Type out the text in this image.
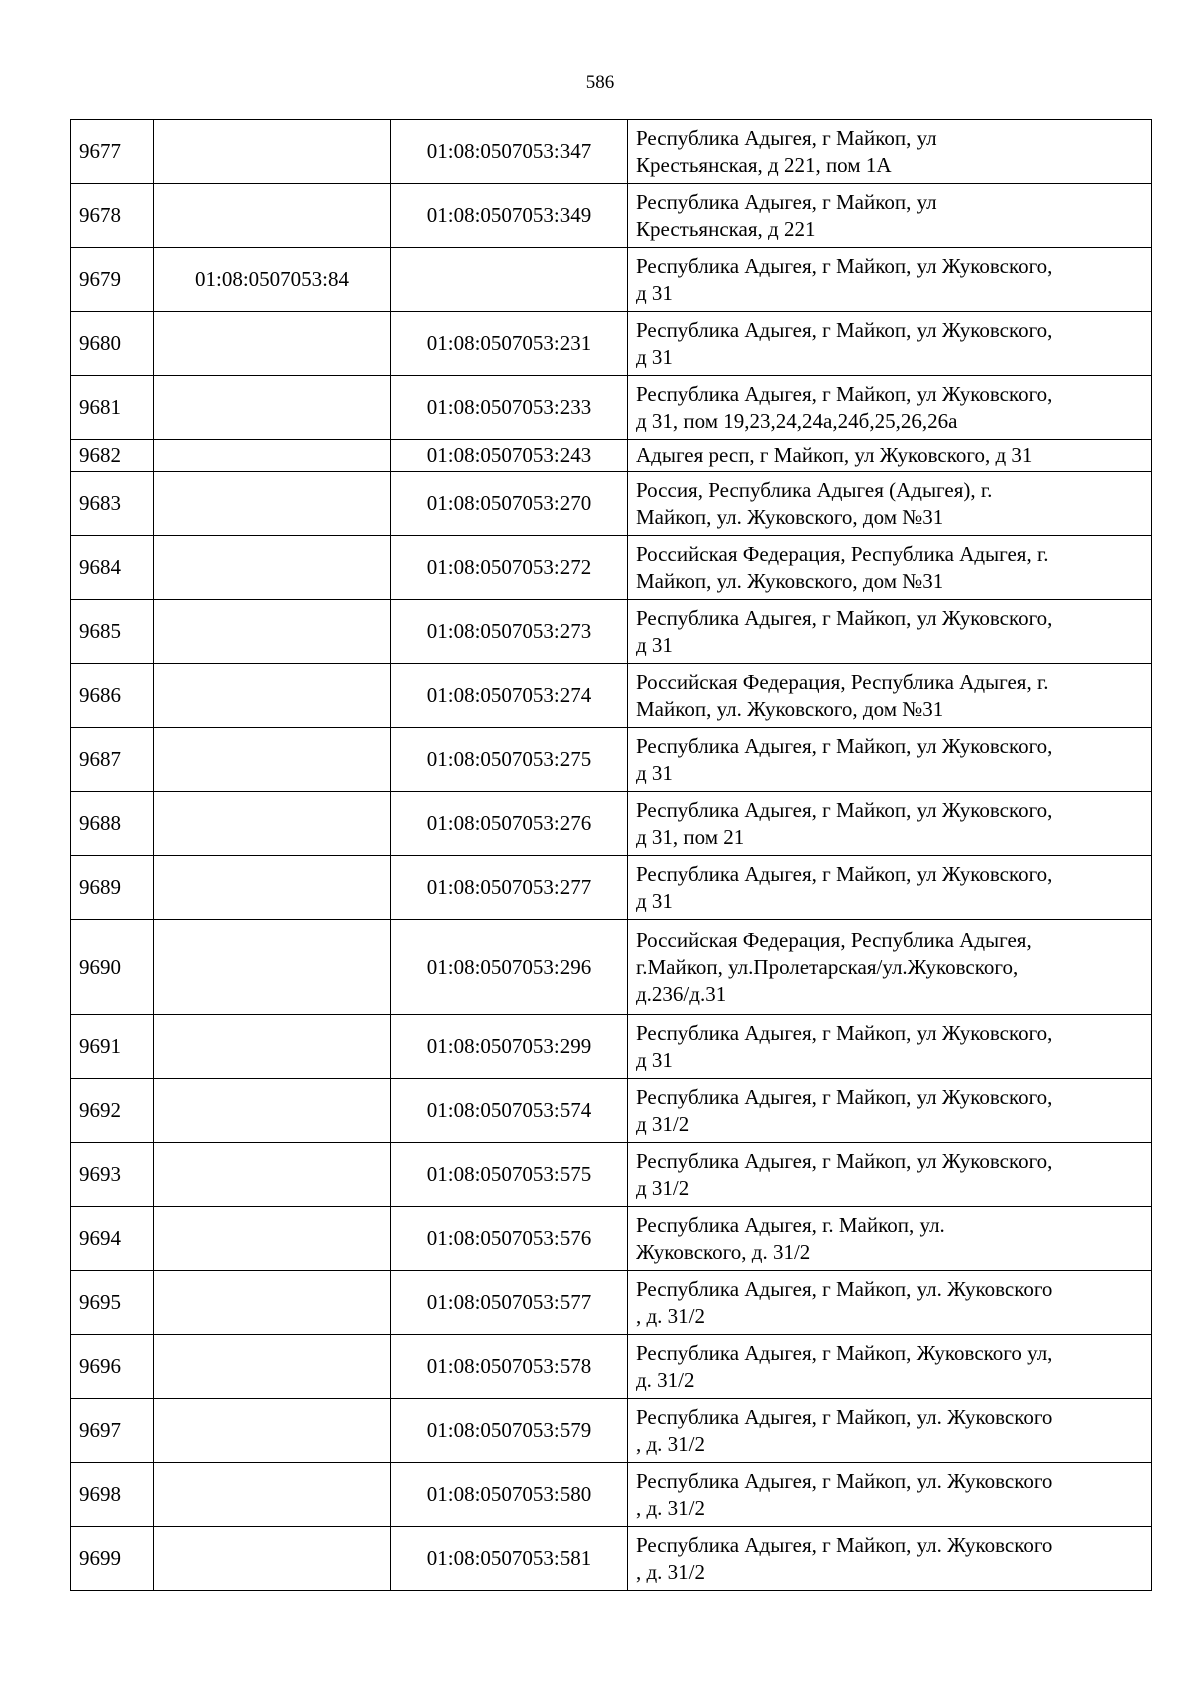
586
9677		01:08:0507053:347	Республика Адыгея, г Майкоп, ул
Крестьянская, д 221, пом 1А
9678		01:08:0507053:349	Республика Адыгея, г Майкоп, ул
Крестьянская, д 221
9679	01:08:0507053:84		Республика Адыгея, г Майкоп, ул Жуковского,
д 31
9680		01:08:0507053:231	Республика Адыгея, г Майкоп, ул Жуковского,
д 31
9681		01:08:0507053:233	Республика Адыгея, г Майкоп, ул Жуковского,
д 31, пом 19,23,24,24а,24б,25,26,26а
9682		01:08:0507053:243	Адыгея респ, г Майкоп, ул Жуковского, д 31
9683		01:08:0507053:270	Россия, Республика Адыгея (Адыгея), г.
Майкоп, ул. Жуковского, дом №31
9684		01:08:0507053:272	Российская Федерация, Республика Адыгея, г.
Майкоп, ул. Жуковского, дом №31
9685		01:08:0507053:273	Республика Адыгея, г Майкоп, ул Жуковского,
д 31
9686		01:08:0507053:274	Российская Федерация, Республика Адыгея, г.
Майкоп, ул. Жуковского, дом №31
9687		01:08:0507053:275	Республика Адыгея, г Майкоп, ул Жуковского,
д 31
9688		01:08:0507053:276	Республика Адыгея, г Майкоп, ул Жуковского,
д 31, пом 21
9689		01:08:0507053:277	Республика Адыгея, г Майкоп, ул Жуковского,
д 31
9690		01:08:0507053:296	Российская Федерация, Республика Адыгея,
г.Майкоп, ул.Пролетарская/ул.Жуковского,
д.236/д.31
9691		01:08:0507053:299	Республика Адыгея, г Майкоп, ул Жуковского,
д 31
9692		01:08:0507053:574	Республика Адыгея, г Майкоп, ул Жуковского,
д 31/2
9693		01:08:0507053:575	Республика Адыгея, г Майкоп, ул Жуковского,
д 31/2
9694		01:08:0507053:576	Республика Адыгея, г. Майкоп, ул.
Жуковского, д. 31/2
9695		01:08:0507053:577	Республика Адыгея, г Майкоп, ул. Жуковского
, д. 31/2
9696		01:08:0507053:578	Республика Адыгея, г Майкоп, Жуковского ул,
д. 31/2
9697		01:08:0507053:579	Республика Адыгея, г Майкоп, ул. Жуковского
, д. 31/2
9698		01:08:0507053:580	Республика Адыгея, г Майкоп, ул. Жуковского
, д. 31/2
9699		01:08:0507053:581	Республика Адыгея, г Майкоп, ул. Жуковского
, д. 31/2
